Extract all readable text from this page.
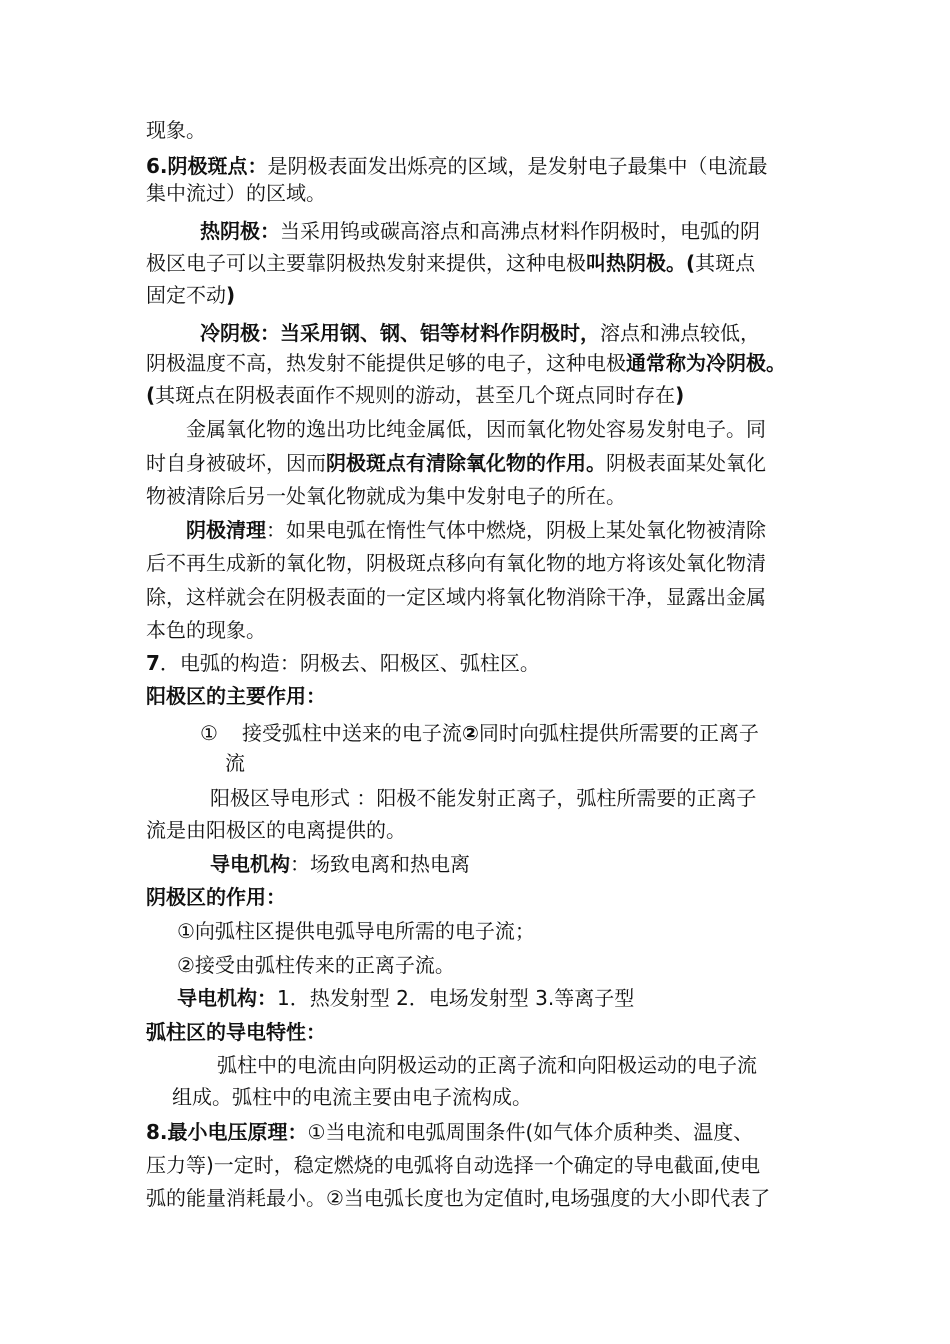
现象。
6.阴极斑点：是阴极表面发出烁亮的区域，是发射电子最集中（电流最
集中流过）的区域。
热阴极：当采用钨或碳高溶点和高沸点材料作阴极时，电弧的阴
极区电子可以主要靠阴极热发射来提供，这种电极叫热阴极。(其斑点
固定不动)
冷阴极：当采用钢、钢、铝等材料作阴极时，溶点和沸点较低，
阴极温度不高，热发射不能提供足够的电子，这种电极通常称为冷阴极。
(其斑点在阴极表面作不规则的游动，甚至几个斑点同时存在)
金属氧化物的逸出功比纯金属低，因而氧化物处容易发射电子。同
时自身被破坏，因而阴极斑点有清除氧化物的作用。阴极表面某处氧化
物被清除后另一处氧化物就成为集中发射电子的所在。
阴极清理：如果电弧在惰性气体中燃烧，阴极上某处氧化物被清除
后不再生成新的氧化物，阴极斑点移向有氧化物的地方将该处氧化物清
除，这样就会在阴极表面的一定区域内将氧化物消除干净，显露出金属
本色的现象。
7．电弧的构造：阴极去、阳极区、弧柱区。
阳极区的主要作用：
① 接受弧柱中送来的电子流②同时向弧柱提供所需要的正离子
流
阳极区导电形式 ：阳极不能发射正离子，弧柱所需要的正离子
流是由阳极区的电离提供的。
导电机构：场致电离和热电离
阴极区的作用：
①向弧柱区提供电弧导电所需的电子流；
②接受由弧柱传来的正离子流。
导电机构：1．热发射型 2．电场发射型 3.等离子型
弧柱区的导电特性：
弧柱中的电流由向阴极运动的正离子流和向阳极运动的电子流
组成。弧柱中的电流主要由电子流构成。
8.最小电压原理：①当电流和电弧周围条件(如气体介质种类、温度、
压力等)一定时，稳定燃烧的电弧将自动选择一个确定的导电截面,使电
弧的能量消耗最小。②当电弧长度也为定值时,电场强度的大小即代表了
